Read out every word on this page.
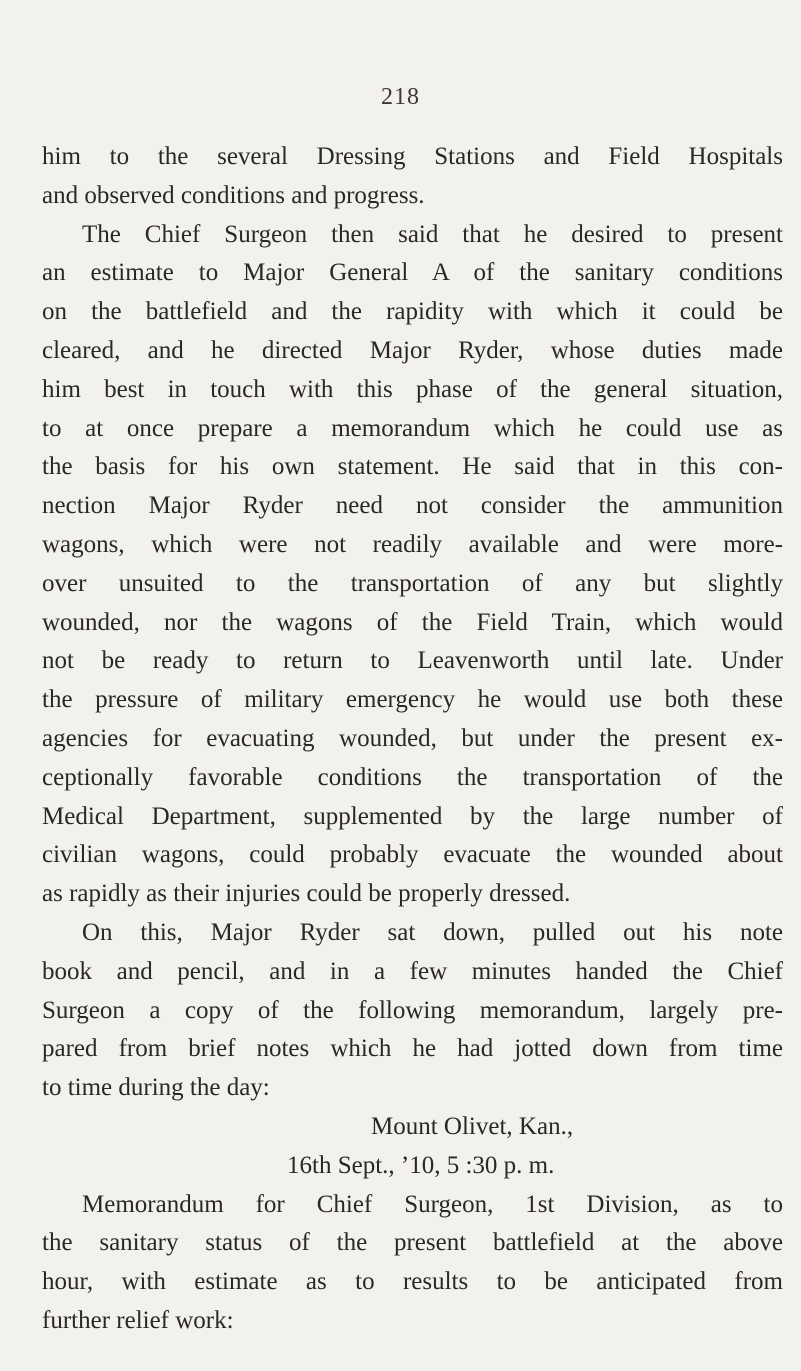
218
him to the several Dressing Stations and Field Hospitals
and observed conditions and progress.
The Chief Surgeon then said that he desired to present
an estimate to Major General A of the sanitary conditions
on the battlefield and the rapidity with which it could be
cleared, and he directed Major Ryder, whose duties made
him best in touch with this phase of the general situation,
to at once prepare a memorandum which he could use as
the basis for his own statement. He said that in this con-
nection Major Ryder need not consider the ammunition
wagons, which were not readily available and were more-
over unsuited to the transportation of any but slightly
wounded, nor the wagons of the Field Train, which would
not be ready to return to Leavenworth until late. Under
the pressure of military emergency he would use both these
agencies for evacuating wounded, but under the present ex-
ceptionally favorable conditions the transportation of the
Medical Department, supplemented by the large number of
civilian wagons, could probably evacuate the wounded about
as rapidly as their injuries could be properly dressed.
On this, Major Ryder sat down, pulled out his note
book and pencil, and in a few minutes handed the Chief
Surgeon a copy of the following memorandum, largely pre-
pared from brief notes which he had jotted down from time
to time during the day:
Mount Olivet, Kan.,
16th Sept., ’10, 5 :30 p. m.
Memorandum for Chief Surgeon, 1st Division, as to
the sanitary status of the present battlefield at the above
hour, with estimate as to results to be anticipated from
further relief work:
